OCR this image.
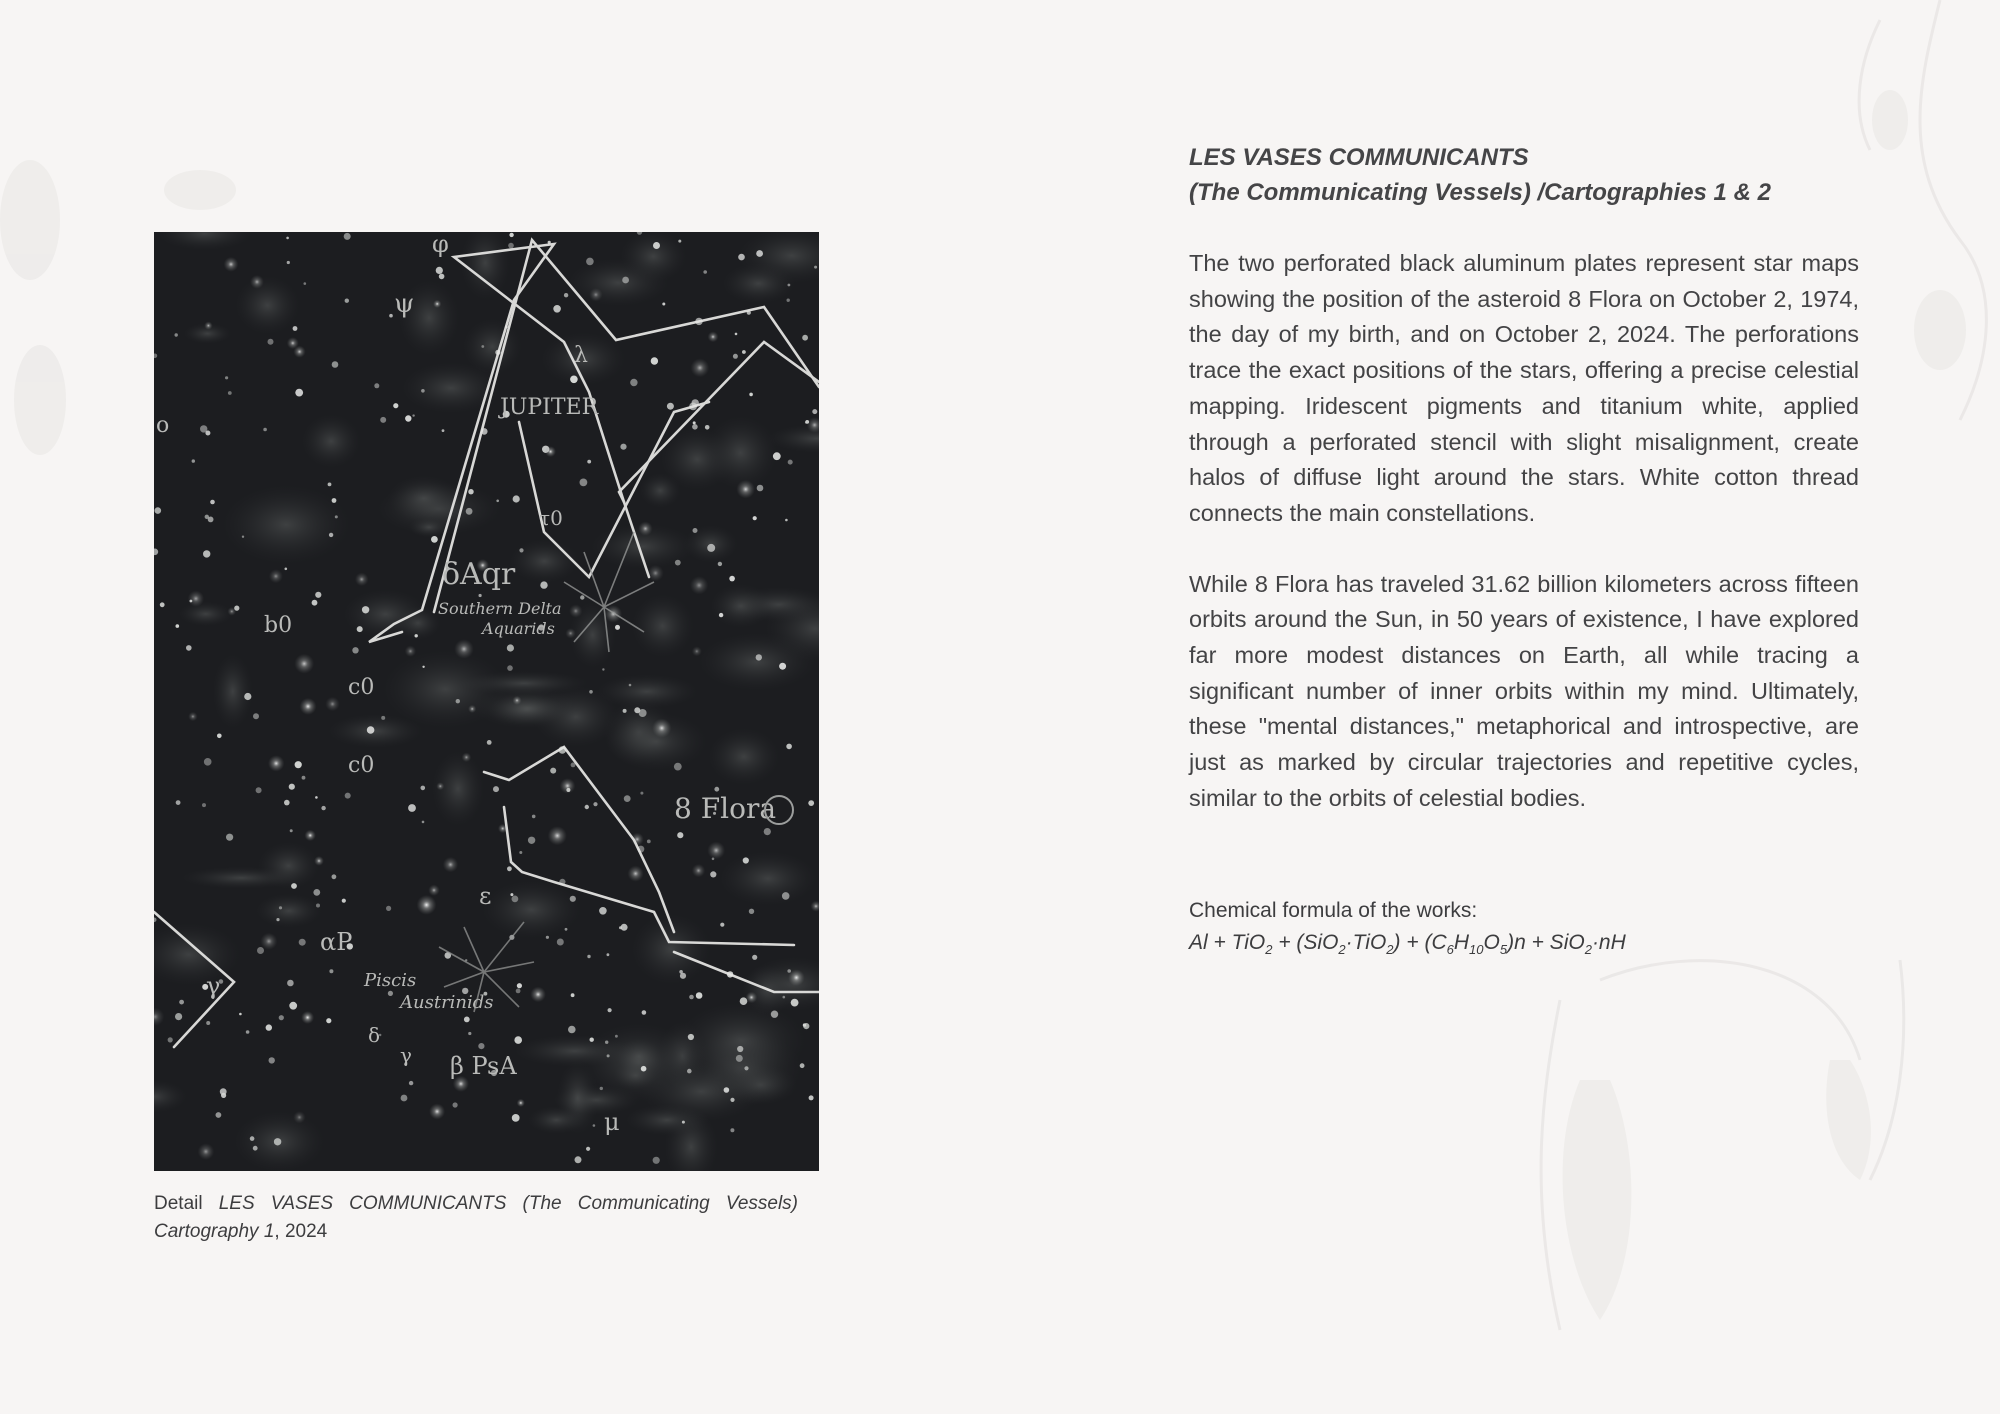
φ
ψ
λ
o
JUPITER
τ0
δAqr
Southern Delta
Aquarids
b0
c0
c0
8 Flora
ε
αP
Piscis
Austrinids
γ
δ
γ β PsA
μ
Detail LES VASES COMMUNICANTS (The Communicating Vessels) Cartography 1, 2024

LES VASES COMMUNICANTS
(The Communicating Vessels) /Cartographies 1 & 2

The two perforated black aluminum plates represent star maps showing the position of the asteroid 8 Flora on October 2, 1974, the day of my birth, and on October 2, 2024. The perforations trace the exact positions of the stars, offering a precise celestial mapping. Iridescent pigments and titanium white, applied through a perforated stencil with slight misalignment, create halos of diffuse light around the stars. White cotton thread connects the main constellations.

While 8 Flora has traveled 31.62 billion kilometers across fifteen orbits around the Sun, in 50 years of existence, I have explored far more modest distances on Earth, all while tracing a significant number of inner orbits within my mind. Ultimately, these "mental distances," metaphorical and introspective, are just as marked by circular trajectories and repetitive cycles, similar to the orbits of celestial bodies.

Chemical formula of the works:
$Al + TiO_2 + (SiO_2\cdot TiO_2) + (C_6H_{10}O_5)n + SiO_2\cdot nH$
